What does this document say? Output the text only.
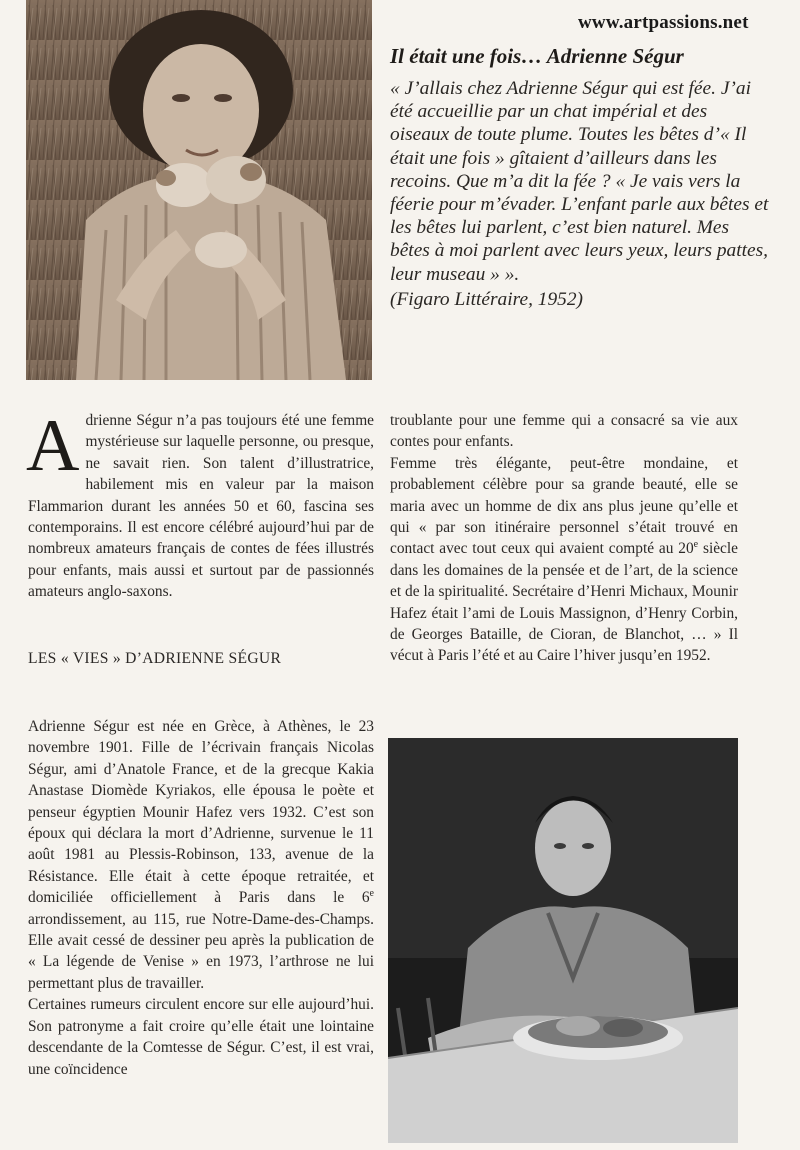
www.artpassions.net

Il était une fois… Adrienne Ségur

« J’allais chez Adrienne Ségur qui est fée. J’ai été accueillie par un chat impérial et des oiseaux de toute plume. Toutes les bêtes d’« Il était une fois » gîtaient d’ailleurs dans les recoins. Que m’a dit la fée ? « Je vais vers la féerie pour m’évader. L’enfant parle aux bêtes et les bêtes lui parlent, c’est bien naturel. Mes bêtes à moi parlent avec leurs yeux, leurs pattes, leur museau » ».

(Figaro Littéraire, 1952)

Adrienne Ségur n’a pas toujours été une femme mystérieuse sur laquelle personne, ou presque, ne savait rien. Son talent d’illustratrice, habilement mis en valeur par la maison Flammarion durant les années 50 et 60, fascina ses contemporains. Il est encore célébré aujourd’hui par de nombreux amateurs français de contes de fées illustrés pour enfants, mais aussi et surtout par de passionnés amateurs anglo-saxons.

LES « VIES » D’ADRIENNE SÉGUR

troublante pour une femme qui a consacré sa vie aux contes pour enfants.

Femme très élégante, peut-être mondaine, et probablement célèbre pour sa grande beauté, elle se maria avec un homme de dix ans plus jeune qu’elle et qui « par son itinéraire personnel s’était trouvé en contact avec tout ceux qui avaient compté au 20e siècle dans les domaines de la pensée et de l’art, de la science et de la spiritualité. Secrétaire d’Henri Michaux, Mounir Hafez était l’ami de Louis Massignon, d’Henry Corbin, de Georges Bataille, de Cioran, de Blanchot, … » Il vécut à Paris l’été et au Caire l’hiver jusqu’en 1952.

Adrienne Ségur est née en Grèce, à Athènes, le 23 novembre 1901. Fille de l’écrivain français Nicolas Ségur, ami d’Anatole France, et de la grecque Kakia Anastase Diomède Kyriakos, elle épousa le poète et penseur égyptien Mounir Hafez vers 1932. C’est son époux qui déclara la mort d’Adrienne, survenue le 11 août 1981 au Plessis-Robinson, 133, avenue de la Résistance. Elle était à cette époque retraitée, et domiciliée officiellement à Paris dans le 6e arrondissement, au 115, rue Notre-Dame-des-Champs. Elle avait cessé de dessiner peu après la publication de « La légende de Venise » en 1973, l’arthrose ne lui permettant plus de travailler.

Certaines rumeurs circulent encore sur elle aujourd’hui. Son patronyme a fait croire qu’elle était une lointaine descendante de la Comtesse de Ségur. C’est, il est vrai, une coïncidence
